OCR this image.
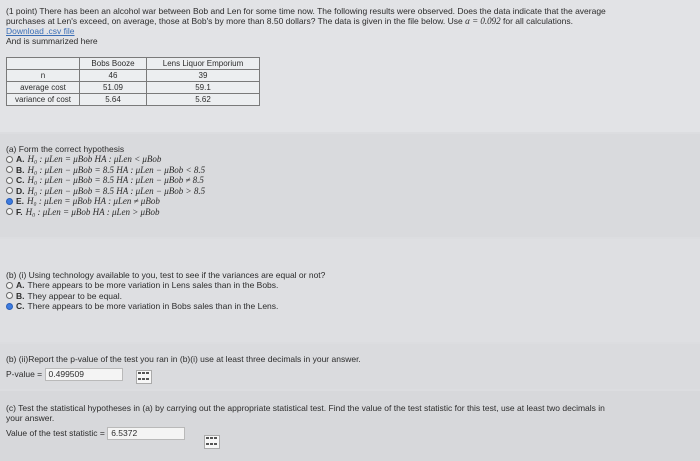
(1 point) There has been an alcohol war between Bob and Len for some time now. The following results were observed. Does the data indicate that the average
purchases at Len's exceed, on average, those at Bob's by more than 8.50 dollars? The data is given in the file below. Use α = 0.092 for all calculations.
Download .csv file
And is summarized here
	Bobs Booze	Lens Liquor Emporium
n	46	39
average cost	51.09	59.1
variance of cost	5.64	5.62
(a) Form the correct hypothesis
A. H₀ : μLen = μBob HA : μLen < μBob
B. H₀ : μLen − μBob = 8.5 HA : μLen − μBob < 8.5
C. H₀ : μLen − μBob = 8.5 HA : μLen − μBob ≠ 8.5
D. H₀ : μLen − μBob = 8.5 HA : μLen − μBob > 8.5
E. H₀ : μLen = μBob HA : μLen ≠ μBob
F. H₀ : μLen = μBob HA : μLen > μBob
(b) (i) Using technology available to you, test to see if the variances are equal or not?
A. There appears to be more variation in Lens sales than in the Bobs.
B. They appear to be equal.
C. There appears to be more variation in Bobs sales than in the Lens.
(b) (ii)Report the p-value of the test you ran in (b)(i) use at least three decimals in your answer.
P-value = 0.499509
(c) Test the statistical hypotheses in (a) by carrying out the appropriate statistical test. Find the value of the test statistic for this test, use at least two decimals in
your answer.
Value of the test statistic = 6.5372
